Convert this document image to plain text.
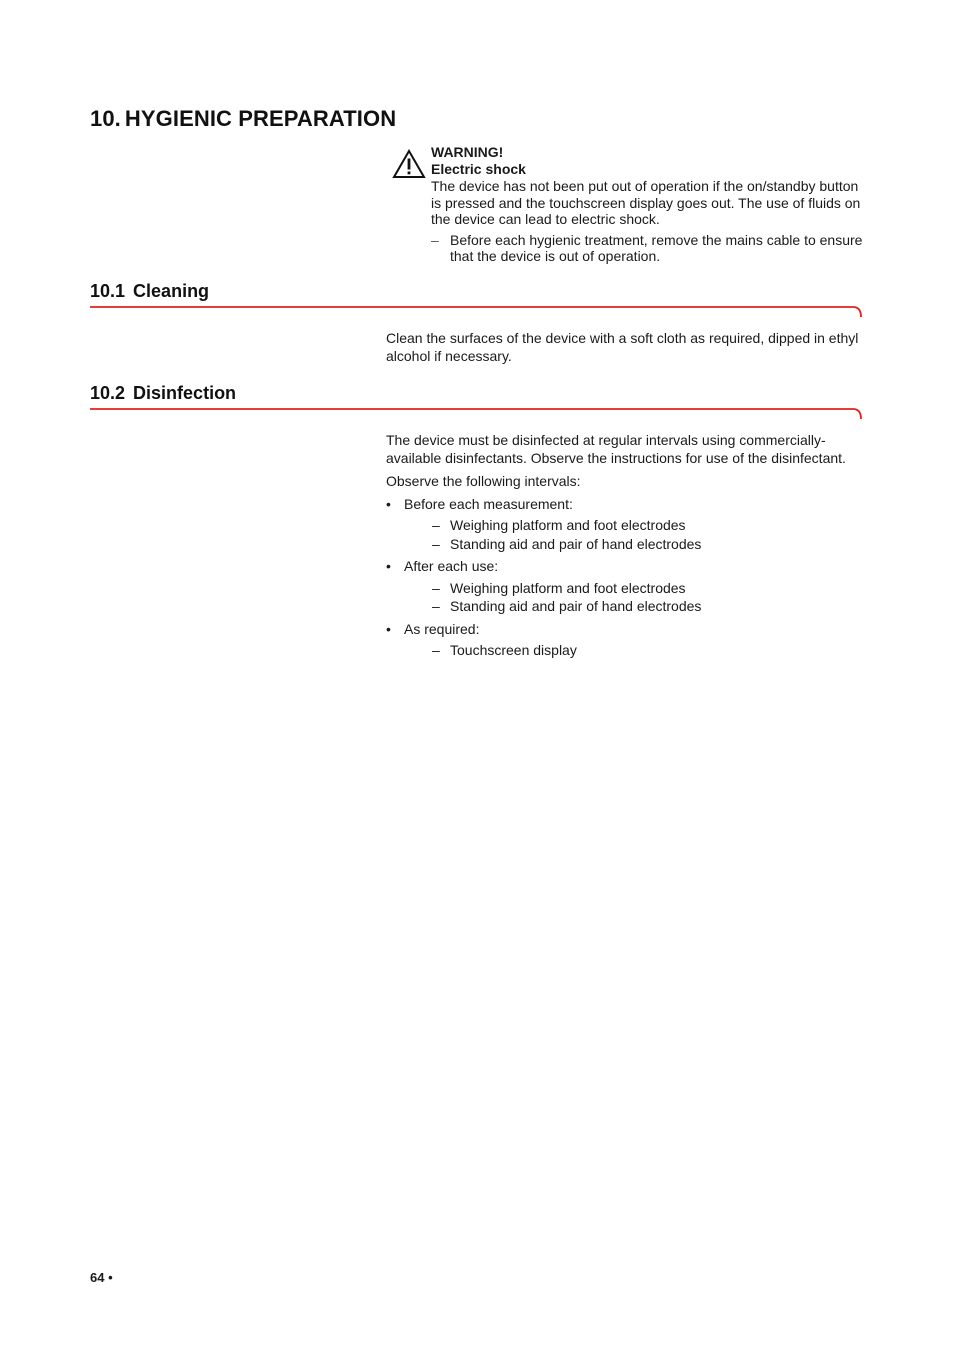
10. HYGIENIC PREPARATION
WARNING!
Electric shock
The device has not been put out of operation if the on/standby button is pressed and the touchscreen display goes out. The use of fluids on the device can lead to electric shock.
– Before each hygienic treatment, remove the mains cable to ensure that the device is out of operation.
10.1 Cleaning
Clean the surfaces of the device with a soft cloth as required, dipped in ethyl alcohol if necessary.
10.2 Disinfection
The device must be disinfected at regular intervals using commercially-available disinfectants. Observe the instructions for use of the disinfectant.
Observe the following intervals:
• Before each measurement:
– Weighing platform and foot electrodes
– Standing aid and pair of hand electrodes
• After each use:
– Weighing platform and foot electrodes
– Standing aid and pair of hand electrodes
• As required:
– Touchscreen display
64 •
